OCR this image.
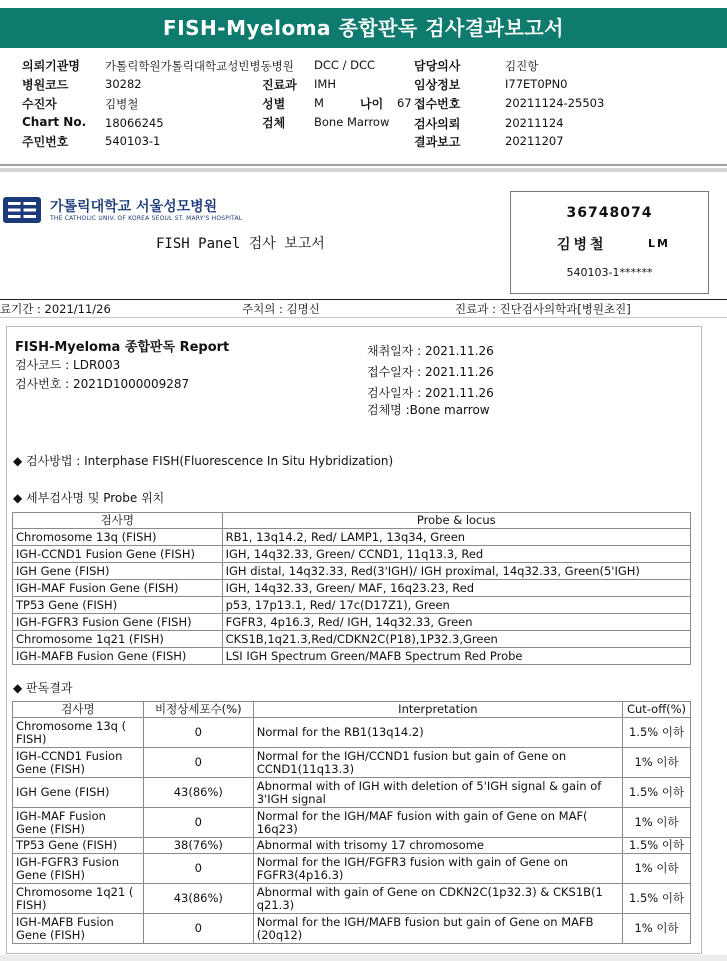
FISH-Myeloma 종합판독 검사결과보고서
의뢰기관명 가톨릭학원가톨릭대학교성빈병동병원 DCC / DCC	담당의사	김진항
병원코드	30282	진료과 IMH	임상정보	I77ET0PN0
수진자	김병철	성별	M	나이 67 접수번호	20211124-25503
Chart No. 18066245	검체	Bone Marrow 검사의뢰	20211124
주민번호	540103-1	결과보고	20211207
가톨릭대학교 서울성모병원
THE CATHOLIC UNIV. OF KOREA SEOUL ST. MARY'S HOSPITAL
FISH Panel 검사 보고서
36748074
김병철	LM
540103-1******
료기간 : 2021/11/26	주치의 : 김명신	진료과 : 진단검사의학과[병원초진]
FISH-Myeloma 종합판독 Report
검사코드 : LDR003
검사번호 : 2021D1000009287
채취일자 : 2021.11.26
접수일자 : 2021.11.26
검사일자 : 2021.11.26
검체명 :Bone marrow
◆ 검사방법 : Interphase FISH(Fluorescence In Situ Hybridization)
◆ 세부검사명 및 Probe 위치
검사명	Probe & locus
Chromosome 13q (FISH)	RB1, 13q14.2, Red/ LAMP1, 13q34, Green
IGH-CCND1 Fusion Gene (FISH)	IGH, 14q32.33, Green/ CCND1, 11q13.3, Red
IGH Gene (FISH)	IGH distal, 14q32.33, Red(3'IGH)/ IGH proximal, 14q32.33, Green(5'IGH)
IGH-MAF Fusion Gene (FISH)	IGH, 14q32.33, Green/ MAF, 16q23.23, Red
TP53 Gene (FISH)	p53, 17p13.1, Red/ 17c(D17Z1), Green
IGH-FGFR3 Fusion Gene (FISH)	FGFR3, 4p16.3, Red/ IGH, 14q32.33, Green
Chromosome 1q21 (FISH)	CKS1B,1q21.3,Red/CDKN2C(P18),1P32.3,Green
IGH-MAFB Fusion Gene (FISH)	LSI IGH Spectrum Green/MAFB Spectrum Red Probe
◆ 판독결과
검사명	비정상세포수(%)	Interpretation	Cut-off(%)
Chromosome 13q ( FISH)	0	Normal for the RB1(13q14.2)	1.5% 이하
IGH-CCND1 Fusion Gene (FISH)	0	Normal for the IGH/CCND1 fusion but gain of Gene on CCND1(11q13.3)	1% 이하
IGH Gene (FISH)	43(86%)	Abnormal with of IGH with deletion of 5'IGH signal & gain of 3'IGH signal	1.5% 이하
IGH-MAF Fusion Gene (FISH)	0	Normal for the IGH/MAF fusion with gain of Gene on MAF( 16q23)	1% 이하
TP53 Gene (FISH)	38(76%)	Abnormal with trisomy 17 chromosome	1.5% 이하
IGH-FGFR3 Fusion Gene (FISH)	0	Normal for the IGH/FGFR3 fusion with gain of Gene on FGFR3(4p16.3)	1% 이하
Chromosome 1q21 ( FISH)	43(86%)	Abnormal with gain of Gene on CDKN2C(1p32.3) & CKS1B(1 q21.3)	1.5% 이하
IGH-MAFB Fusion Gene (FISH)	0	Normal for the IGH/MAFB fusion but gain of Gene on MAFB (20q12)	1% 이하
